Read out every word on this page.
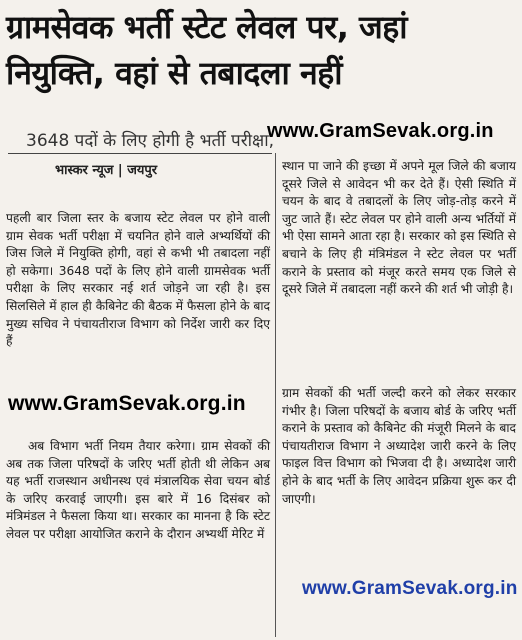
ग्रामसेवक भर्ती स्टेट लेवल पर, जहां
नियुक्ति, वहां से तबादला नहीं
3648 पदों के लिए होगी है भर्ती परीक्षा,
www.GramSevak.org.in
भास्कर न्यूज | जयपुर
पहली बार जिला स्तर के बजाय स्टेट लेवल पर होने वाली ग्राम सेवक भर्ती परीक्षा में चयनित होने वाले अभ्यर्थियों की जिस जिले में नियुक्ति होगी, वहां से कभी भी तबादला नहीं हो सकेगा। 3648 पदों के लिए होने वाली ग्रामसेवक भर्ती परीक्षा के लिए सरकार नई शर्त जोड़ने जा रही है। इस सिलसिले में हाल ही कैबिनेट की बैठक में फैसला होने के बाद मुख्य सचिव ने पंचायतीराज विभाग को निर्देश जारी कर दिए हैं
www.GramSevak.org.in
अब विभाग भर्ती नियम तैयार करेगा। ग्राम सेवकों की अब तक जिला परिषदों के जरिए भर्ती होती थी लेकिन अब यह भर्ती राजस्थान अधीनस्थ एवं मंत्रालयिक सेवा चयन बोर्ड के जरिए करवाई जाएगी। इस बारे में 16 दिसंबर को मंत्रिमंडल ने फैसला किया था। सरकार का मानना है कि स्टेट लेवल पर परीक्षा आयोजित कराने के दौरान अभ्यर्थी मेरिट में
स्थान पा जाने की इच्छा में अपने मूल जिले की बजाय दूसरे जिले से आवेदन भी कर देते हैं। ऐसी स्थिति में चयन के बाद वे तबादलों के लिए जोड़-तोड़ करने में जुट जाते हैं। स्टेट लेवल पर होने वाली अन्य भर्तियों में भी ऐसा सामने आता रहा है। सरकार को इस स्थिति से बचाने के लिए ही मंत्रिमंडल ने स्टेट लेवल पर भर्ती कराने के प्रस्ताव को मंजूर करते समय एक जिले से दूसरे जिले में तबादला नहीं करने की शर्त भी जोड़ी है।
ग्राम सेवकों की भर्ती जल्दी करने को लेकर सरकार गंभीर है। जिला परिषदों के बजाय बोर्ड के जरिए भर्ती कराने के प्रस्ताव को कैबिनेट की मंजूरी मिलने के बाद पंचायतीराज विभाग ने अध्यादेश जारी करने के लिए फाइल वित्त विभाग को भिजवा दी है। अध्यादेश जारी होने के बाद भर्ती के लिए आवेदन प्रक्रिया शुरू कर दी जाएगी।
www.GramSevak.org.in
